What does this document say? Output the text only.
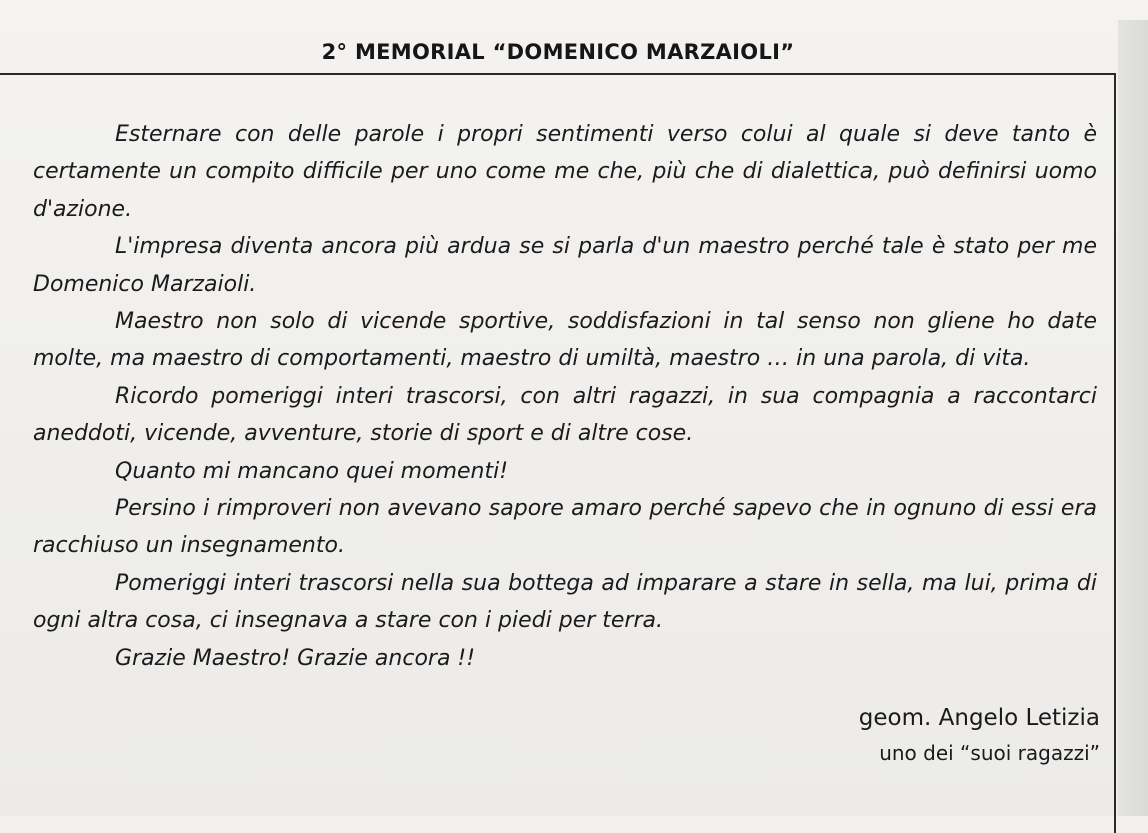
2° MEMORIAL “DOMENICO MARZAIOLI”

Esternare con delle parole i propri sentimenti verso colui al quale si deve tanto è certamente un compito difficile per uno come me che, più che di dialettica, può definirsi uomo d'azione.

L'impresa diventa ancora più ardua se si parla d'un maestro perché tale è stato per me Domenico Marzaioli.

Maestro non solo di vicende sportive, soddisfazioni in tal senso non gliene ho date molte, ma maestro di comportamenti, maestro di umiltà, maestro … in una parola, di vita.

Ricordo pomeriggi interi trascorsi, con altri ragazzi, in sua compagnia a raccontarci aneddoti, vicende, avventure, storie di sport e di altre cose.

Quanto mi mancano quei momenti!

Persino i rimproveri non avevano sapore amaro perché sapevo che in ognuno di essi era racchiuso un insegnamento.

Pomeriggi interi trascorsi nella sua bottega ad imparare a stare in sella, ma lui, prima di ogni altra cosa, ci insegnava a stare con i piedi per terra.

Grazie Maestro! Grazie ancora !!

geom. Angelo Letizia
uno dei “suoi ragazzi”
